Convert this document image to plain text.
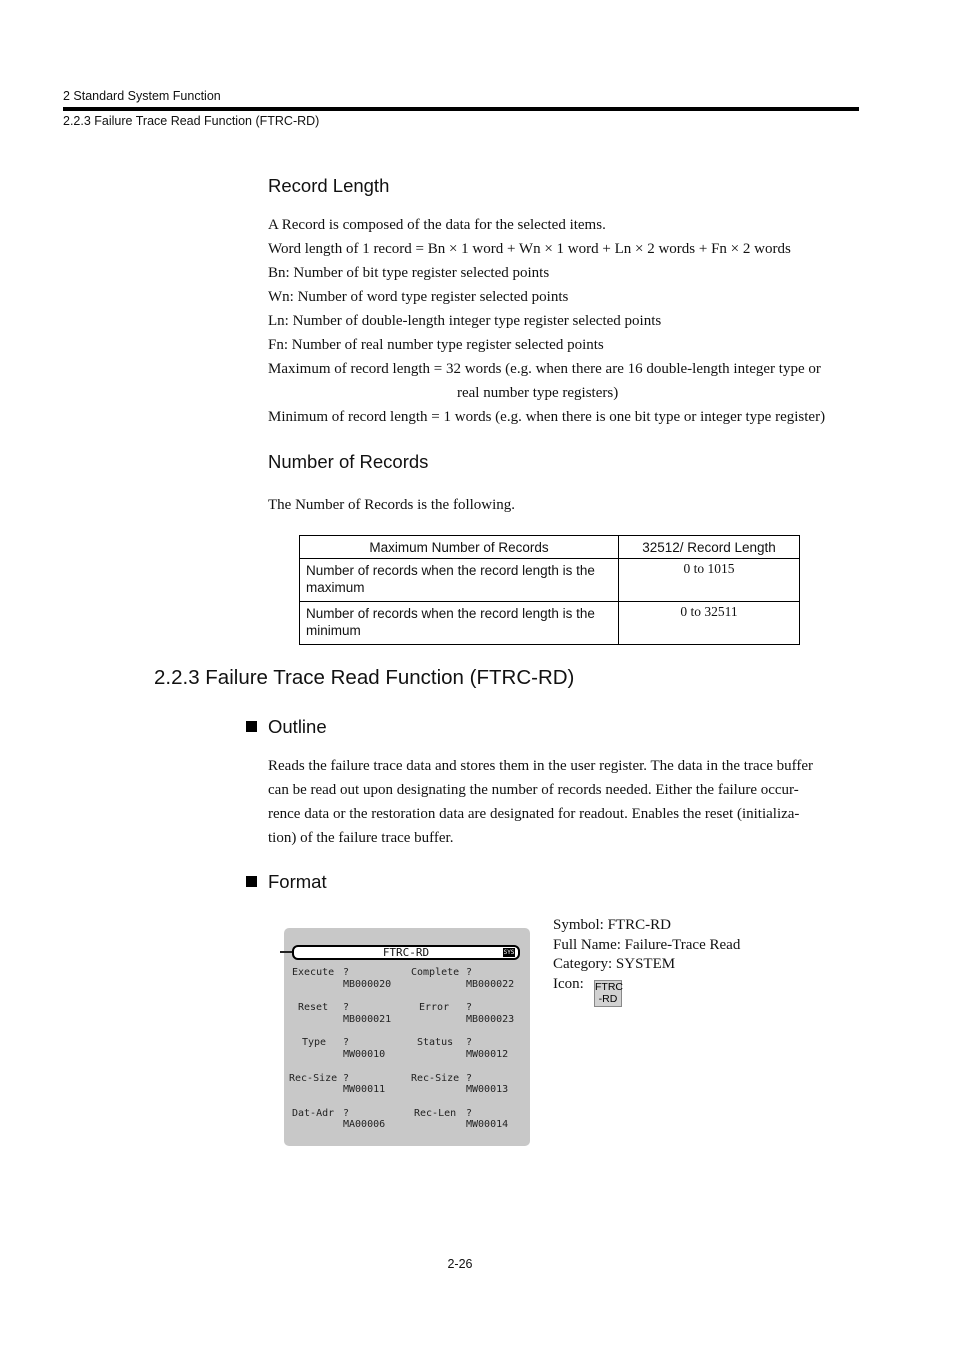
2 Standard System Function
2.2.3 Failure Trace Read Function (FTRC-RD)
Record Length
A Record is composed of the data for the selected items.
Word length of 1 record = Bn × 1 word + Wn × 1 word + Ln × 2 words + Fn × 2 words
Bn: Number of bit type register selected points
Wn: Number of word type register selected points
Ln: Number of double-length integer type register selected points
Fn: Number of real number type register selected points
Maximum of record length = 32 words (e.g. when there are 16 double-length integer type or
real number type registers)
Minimum of record length = 1 words (e.g. when there is one bit type or integer type register)
Number of Records
The Number of Records is the following.
Maximum Number of Records	32512/ Record Length
Number of records when the record length is the maximum	0 to 1015
Number of records when the record length is the minimum	0 to 32511
2.2.3 Failure Trace Read Function (FTRC-RD)
Outline
Reads the failure trace data and stores them in the user register. The data in the trace buffer
can be read out upon designating the number of records needed. Either the failure occur-
rence data or the restoration data are designated for readout. Enables the reset (initializa-
tion) of the failure trace buffer.
Format
FTRC-RD	SYS
Execute ?
MB000020
Reset ?
MB000021
Type ?
MW00010
Rec-Size ?
MW00011
Dat-Adr ?
MA00006
Complete ?
MB000022
Error ?
MB000023
Status ?
MW00012
Rec-Size ?
MW00013
Rec-Len ?
MW00014
Symbol: FTRC-RD
Full Name: Failure-Trace Read
Category: SYSTEM
Icon:	FTRC
-RD
2-26
